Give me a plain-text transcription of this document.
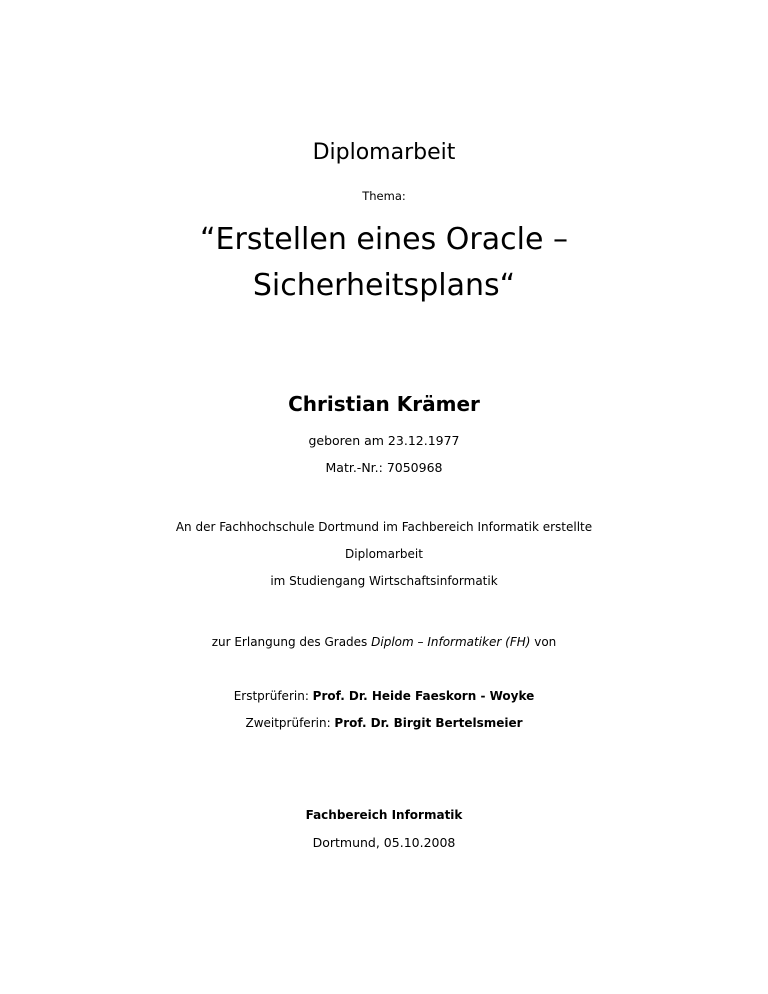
Diplomarbeit
Thema:
“Erstellen eines Oracle –
Sicherheitsplans“
Christian Krämer
geboren am 23.12.1977
Matr.-Nr.: 7050968
An der Fachhochschule Dortmund im Fachbereich Informatik erstellte
Diplomarbeit
im Studiengang Wirtschaftsinformatik
zur Erlangung des Grades Diplom – Informatiker (FH) von
Erstprüferin: Prof. Dr. Heide Faeskorn - Woyke
Zweitprüferin: Prof. Dr. Birgit Bertelsmeier
Fachbereich Informatik
Dortmund, 05.10.2008
